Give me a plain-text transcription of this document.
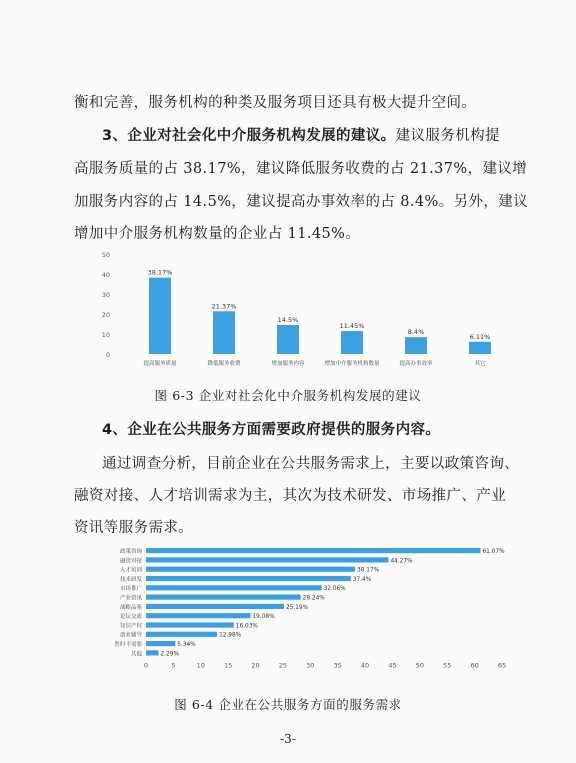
衡和完善，服务机构的种类及服务项目还具有极大提升空间。
3、企业对社会化中介服务机构发展的建议。建议服务机构提
高服务质量的占 38.17%，建议降低服务收费的占 21.37%，建议增
加服务内容的占 14.5%，建议提高办事效率的占 8.4%。另外，建议
增加中介服务机构数量的企业占 11.45%。
0
10
20
30
40
50
38.17%
提高服务质量
21.37%
降低服务收费
14.5%
增加服务内容
11.45%
增加中介服务机构数量
8.4%
提高办事效率
6.11%
其它
图 6-3 企业对社会化中介服务机构发展的建议
4、企业在公共服务方面需要政府提供的服务内容。
通过调查分析，目前企业在公共服务需求上，主要以政策咨询、
融资对接、人才培训需求为主，其次为技术研发、市场推广、产业
资讯等服务需求。
政策咨询	61.07%
融资对接	44.27%
人才培训	38.17%
技术研发	37.4%
市场推广	32.06%
产业资讯	28.24%
战略品鉴	25.19%
论坛交流	19.08%
知识产权	16.03%
创业辅导	12.98%
暂时不需要	5.34%
其他	2.29%
0	5	10	15	20	25	30	35	40	45	50	55	60	65
图 6-4 企业在公共服务方面的服务需求
-3-
